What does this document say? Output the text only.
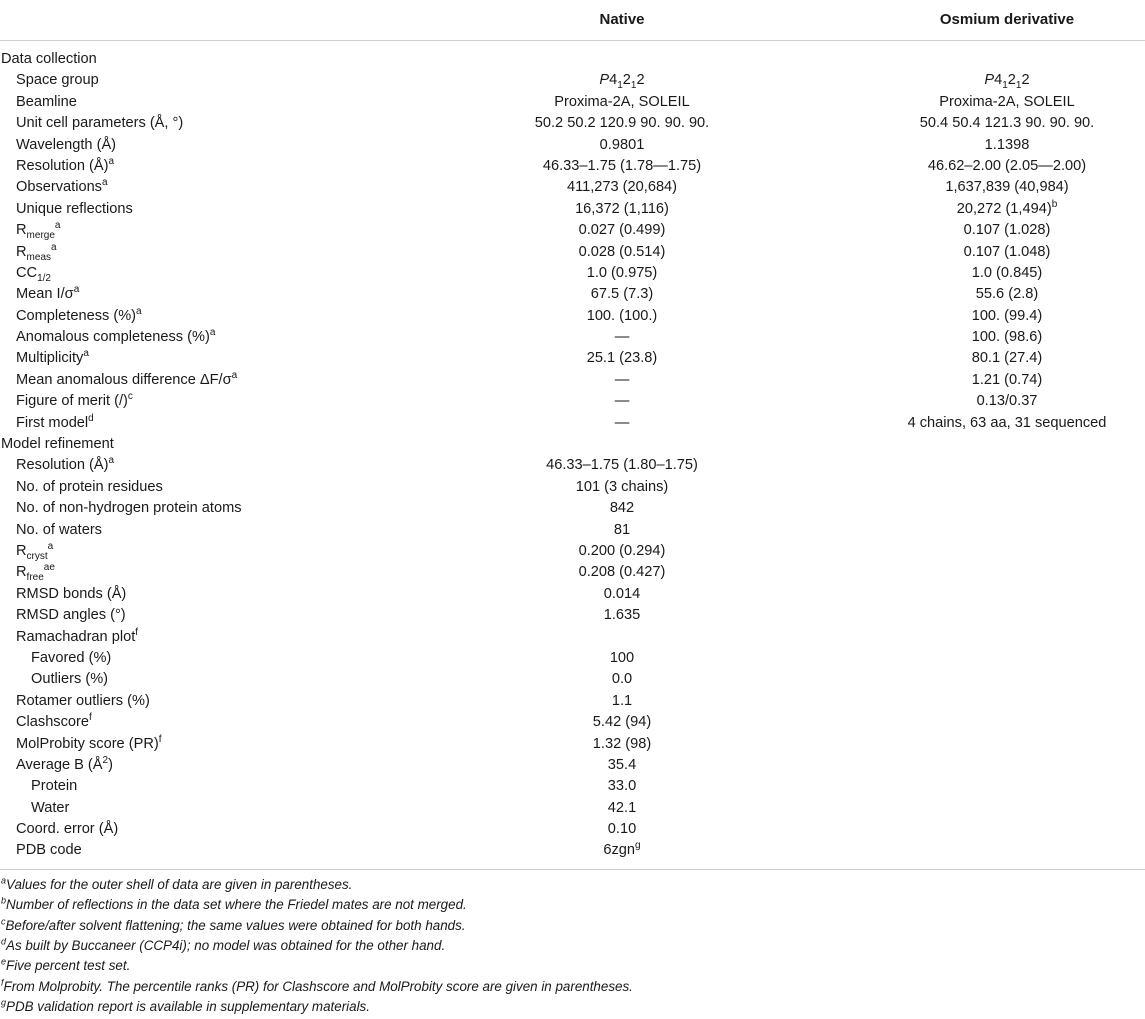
Native	Osmium derivative
Data collection
Space group	$P4_12_12$	$P4_12_12$
Beamline	Proxima-2A, SOLEIL	Proxima-2A, SOLEIL
Unit cell parameters (Å, °)	50.2 50.2 120.9 90. 90. 90.	50.4 50.4 121.3 90. 90. 90.
Wavelength (Å)	0.9801	1.1398
Resolution (Å)$^a$	46.33–1.75 (1.78—1.75)	46.62–2.00 (2.05—2.00)
Observations$^a$	411,273 (20,684)	1,637,839 (40,984)
Unique reflections	16,372 (1,116)	20,272 $(1,494)^b$
$R_{merge}^a$	0.027 (0.499)	0.107 (1.028)
$R_{meas}^a$	0.028 (0.514)	0.107 (1.048)
$CC_{1/2}$	1.0 (0.975)	1.0 (0.845)
Mean $I/\sigma^a$	67.5 (7.3)	55.6 (2.8)
Completeness (%)$^a$	100. (100.)	100. (99.4)
Anomalous completeness (%)$^a$	—	100. (98.6)
Multiplicity$^a$	25.1 (23.8)	80.1 (27.4)
Mean anomalous difference $\Delta F/\sigma^a$	—	1.21 (0.74)
Figure of merit $(/)^c$	—	0.13/0.37
First model$^d$	—	4 chains, 63 aa, 31 sequenced
Model refinement
Resolution (Å)$^a$	46.33–1.75 (1.80–1.75)
No. of protein residues	101 (3 chains)
No. of non-hydrogen protein atoms	842
No. of waters	81
$R_{cryst}^a$	0.200 (0.294)
$R_{free}^{ae}$	0.208 (0.427)
RMSD bonds (Å)	0.014
RMSD angles (°)	1.635
Ramachadran plot$^f$
Favored (%)	100
Outliers (%)	0.0
Rotamer outliers (%)	1.1
Clashscore$^f$	5.42 (94)
MolProbity score (PR)$^f$	1.32 (98)
Average B $(Å^2)$	35.4
Protein	33.0
Water	42.1
Coord. error (Å)	0.10
PDB code	6zgn$^g$
$^a$Values for the outer shell of data are given in parentheses.
$^b$Number of reflections in the data set where the Friedel mates are not merged.
$^c$Before/after solvent flattening; the same values were obtained for both hands.
$^d$As built by Buccaneer (CCP4i); no model was obtained for the other hand.
$^e$Five percent test set.
$^f$From Molprobity. The percentile ranks (PR) for Clashscore and MolProbity score are given in parentheses.
$^g$PDB validation report is available in supplementary materials.
